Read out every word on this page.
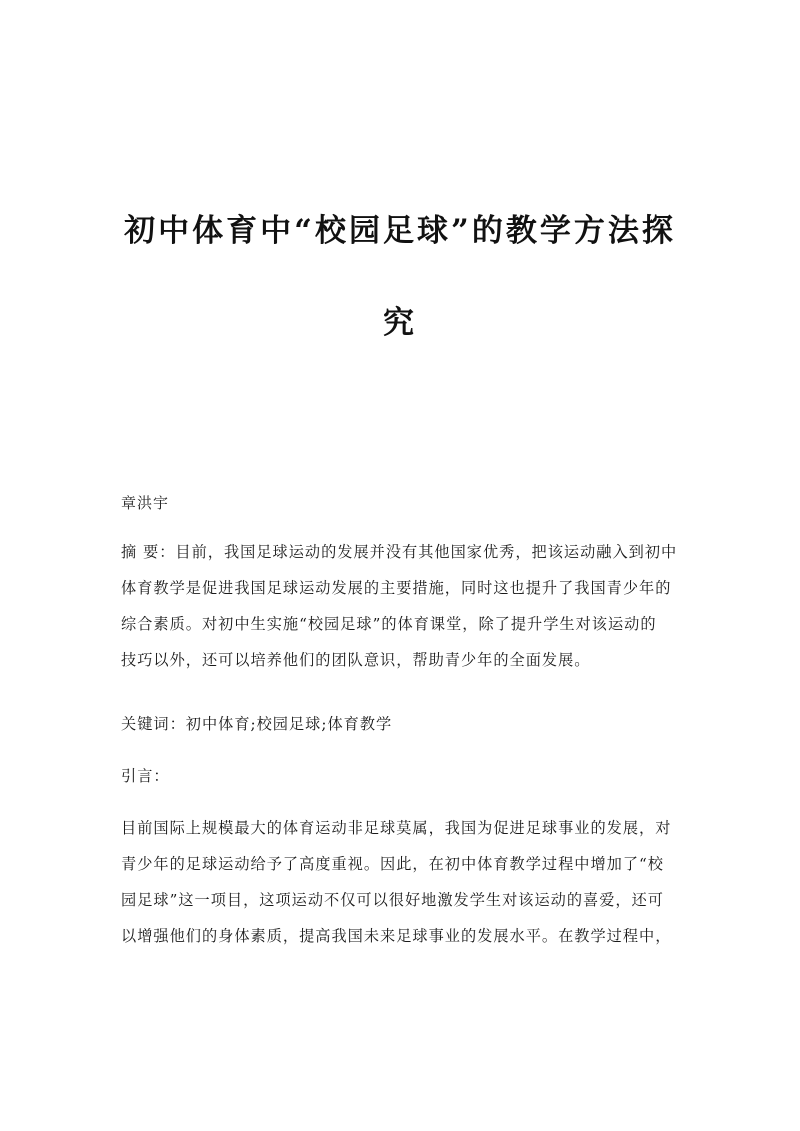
初中体育中“校园足球”的教学方法探
究
章洪宇
摘 要：目前，我国足球运动的发展并没有其他国家优秀，把该运动融入到初中
体育教学是促进我国足球运动发展的主要措施，同时这也提升了我国青少年的
综合素质。对初中生实施“校园足球”的体育课堂，除了提升学生对该运动的
技巧以外，还可以培养他们的团队意识，帮助青少年的全面发展。
关键词：初中体育;校园足球;体育教学
引言：
目前国际上规模最大的体育运动非足球莫属，我国为促进足球事业的发展，对
青少年的足球运动给予了高度重视。因此，在初中体育教学过程中增加了“校
园足球”这一项目，这项运动不仅可以很好地激发学生对该运动的喜爱，还可
以增强他们的身体素质，提高我国未来足球事业的发展水平。在教学过程中，
